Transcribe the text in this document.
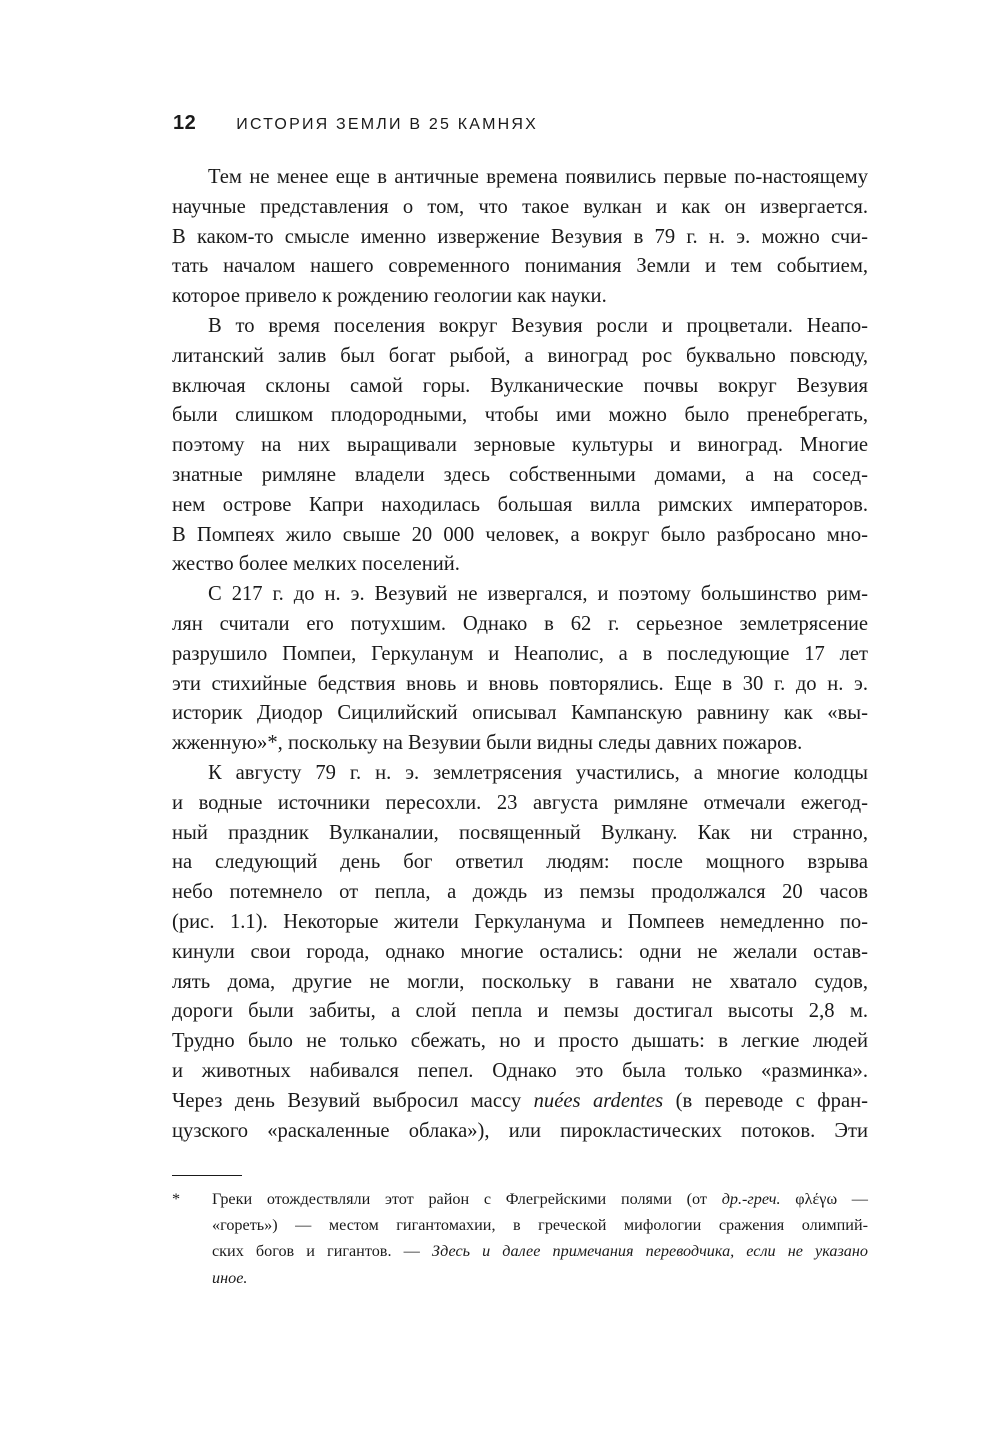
12	ИСТОРИЯ ЗЕМЛИ В 25 КАМНЯХ
Тем не менее еще в античные времена появились первые по-настоящему
научные представления о том, что такое вулкан и как он извергается.
В каком-то смысле именно извержение Везувия в 79 г. н. э. можно счи-
тать началом нашего современного понимания Земли и тем событием,
которое привело к рождению геологии как науки.
В то время поселения вокруг Везувия росли и процветали. Неапо-
литанский залив был богат рыбой, а виноград рос буквально повсюду,
включая склоны самой горы. Вулканические почвы вокруг Везувия
были слишком плодородными, чтобы ими можно было пренебрегать,
поэтому на них выращивали зерновые культуры и виноград. Многие
знатные римляне владели здесь собственными домами, а на сосед-
нем острове Капри находилась большая вилла римских императоров.
В Помпеях жило свыше 20 000 человек, а вокруг было разбросано мно-
жество более мелких поселений.
С 217 г. до н. э. Везувий не извергался, и поэтому большинство рим-
лян считали его потухшим. Однако в 62 г. серьезное землетрясение
разрушило Помпеи, Геркуланум и Неаполис, а в последующие 17 лет
эти стихийные бедствия вновь и вновь повторялись. Еще в 30 г. до н. э.
историк Диодор Сицилийский описывал Кампанскую равнину как «вы-
жженную»*, поскольку на Везувии были видны следы давних пожаров.
К августу 79 г. н. э. землетрясения участились, а многие колодцы
и водные источники пересохли. 23 августа римляне отмечали ежегод-
ный праздник Вулканалии, посвященный Вулкану. Как ни странно,
на следующий день бог ответил людям: после мощного взрыва
небо потемнело от пепла, а дождь из пемзы продолжался 20 часов
(рис. 1.1). Некоторые жители Геркуланума и Помпеев немедленно по-
кинули свои города, однако многие остались: одни не желали остав-
лять дома, другие не могли, поскольку в гавани не хватало судов,
дороги были забиты, а слой пепла и пемзы достигал высоты 2,8 м.
Трудно было не только сбежать, но и просто дышать: в легкие людей
и животных набивался пепел. Однако это была только «разминка».
Через день Везувий выбросил массу nuées ardentes (в переводе с фран-
цузского «раскаленные облака»), или пирокластических потоков. Эти
* Греки отождествляли этот район с Флегрейскими полями (от др.-греч. φλέγω —
«гореть») — местом гигантомахии, в греческой мифологии сражения олимпий-
ских богов и гигантов. — Здесь и далее примечания переводчика, если не указано
иное.
